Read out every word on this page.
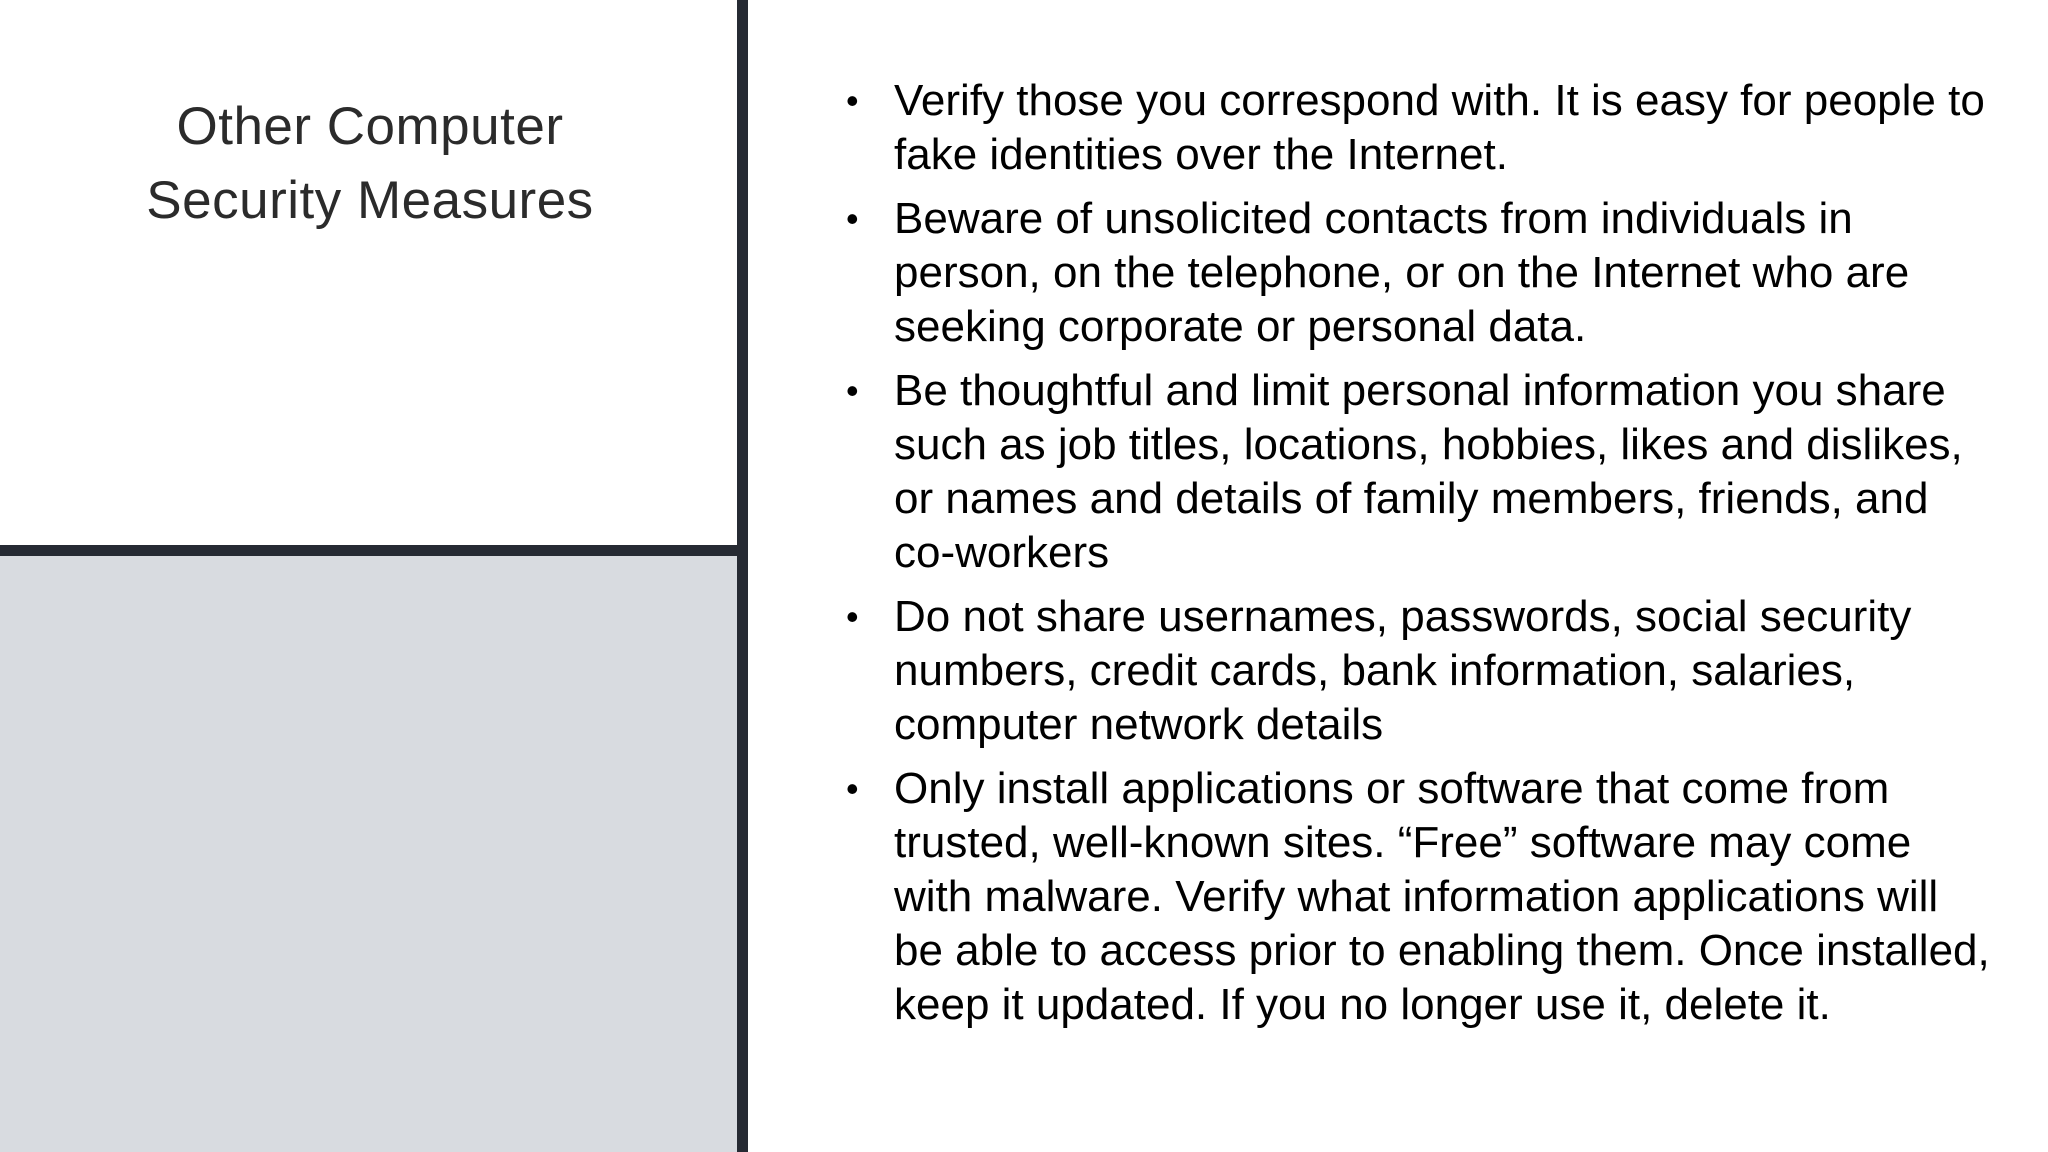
Other Computer
Security Measures
• Verify those you correspond with. It is easy for people to fake identities over the Internet.
• Beware of unsolicited contacts from individuals in person, on the telephone, or on the Internet who are seeking corporate or personal data.
• Be thoughtful and limit personal information you share such as job titles, locations, hobbies, likes and dislikes, or names and details of family members, friends, and co-workers
• Do not share usernames, passwords, social security numbers, credit cards, bank information, salaries, computer network details
• Only install applications or software that come from trusted, well-known sites. “Free” software may come with malware. Verify what information applications will be able to access prior to enabling them. Once installed, keep it updated. If you no longer use it, delete it.
